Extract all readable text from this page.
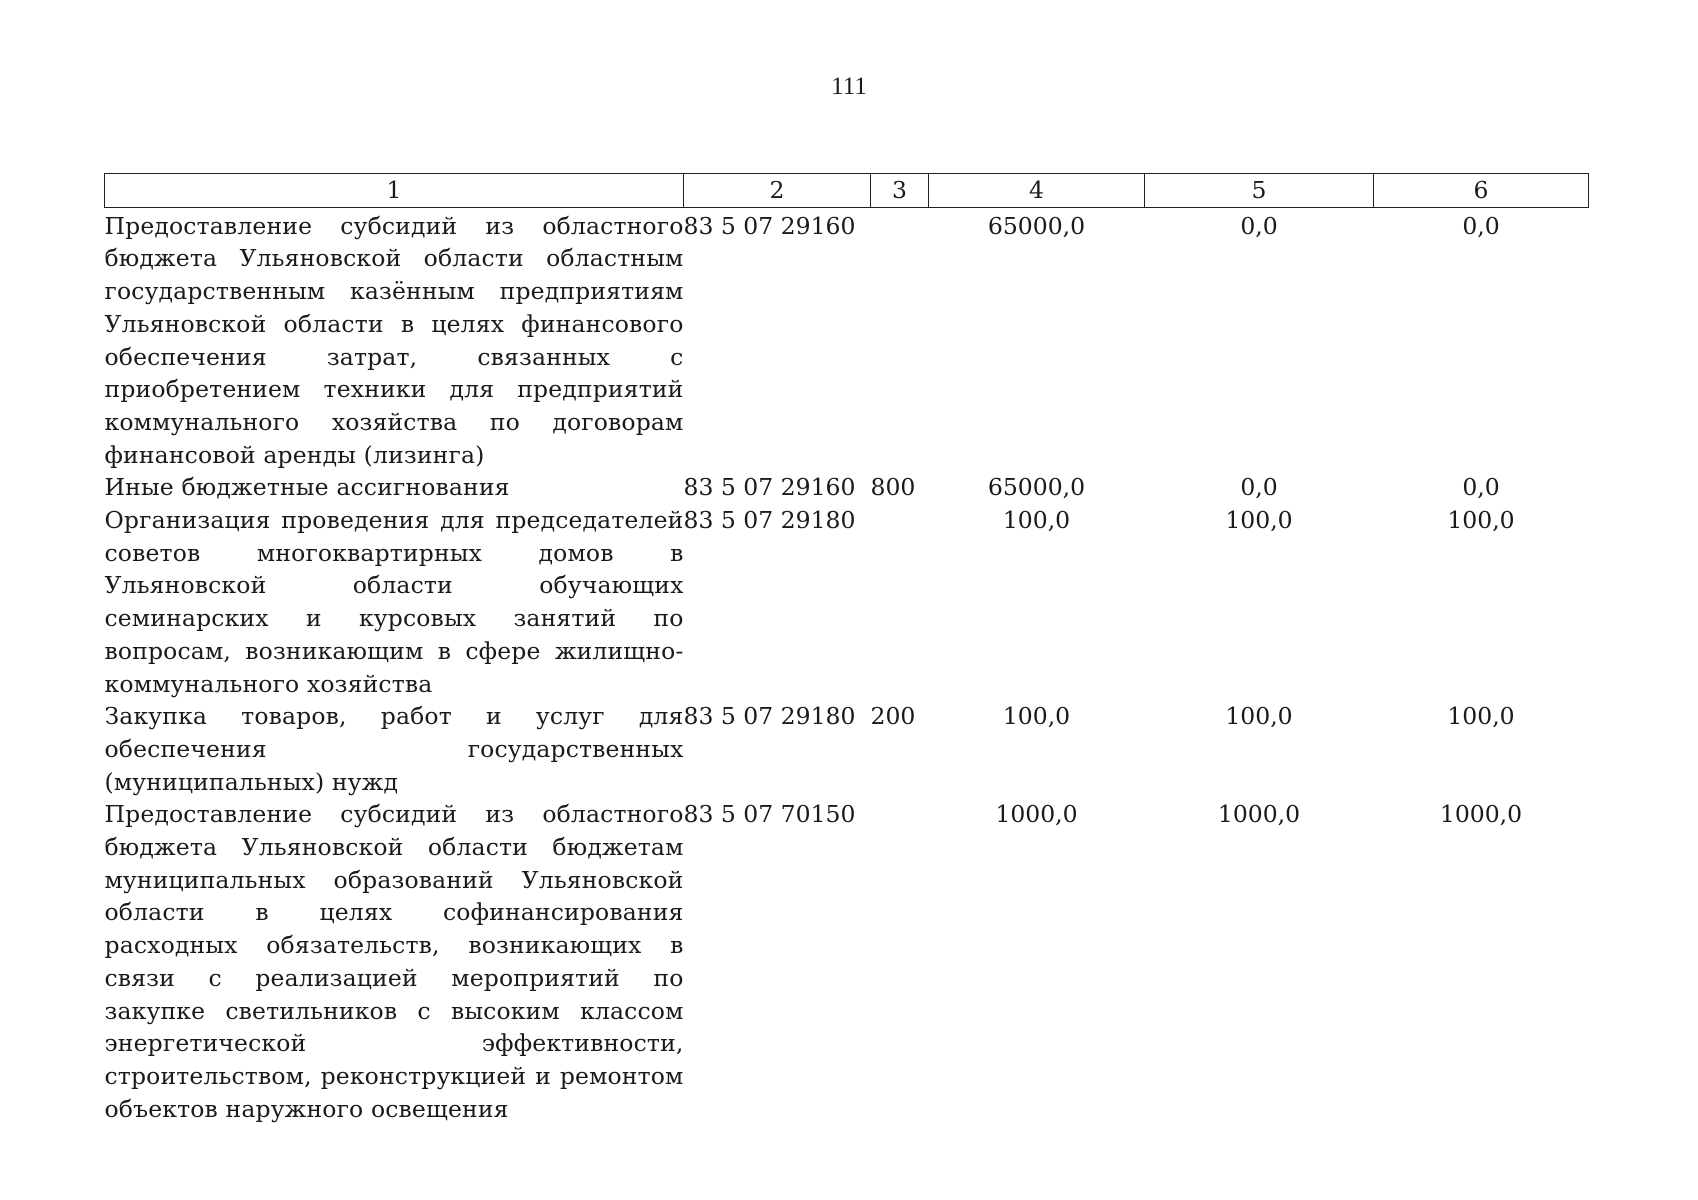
111
1	2	3	4	5	6
Предоставление субсидий из областного бюджета Ульяновской области областным государственным казённым предприятиям Ульяновской области в целях финансового обеспечения затрат, связанных с приобретением техники для предприятий коммунального хозяйства по договорам финансовой аренды (лизинга)	83 5 07 29160		65000,0	0,0	0,0
Иные бюджетные ассигнования	83 5 07 29160	800	65000,0	0,0	0,0
Организация проведения для председателей советов многоквартирных домов в Ульяновской области обучающих семинарских и курсовых занятий по вопросам, возникающим в сфере жилищно-коммунального хозяйства	83 5 07 29180		100,0	100,0	100,0
Закупка товаров, работ и услуг для обеспечения государственных (муниципальных) нужд	83 5 07 29180	200	100,0	100,0	100,0
Предоставление субсидий из областного бюджета Ульяновской области бюджетам муниципальных образований Ульяновской области в целях софинансирования расходных обязательств, возникающих в связи с реализацией мероприятий по закупке светильников с высоким классом энергетической эффективности, строительством, реконструкцией и ремонтом объектов наружного освещения	83 5 07 70150		1000,0	1000,0	1000,0
